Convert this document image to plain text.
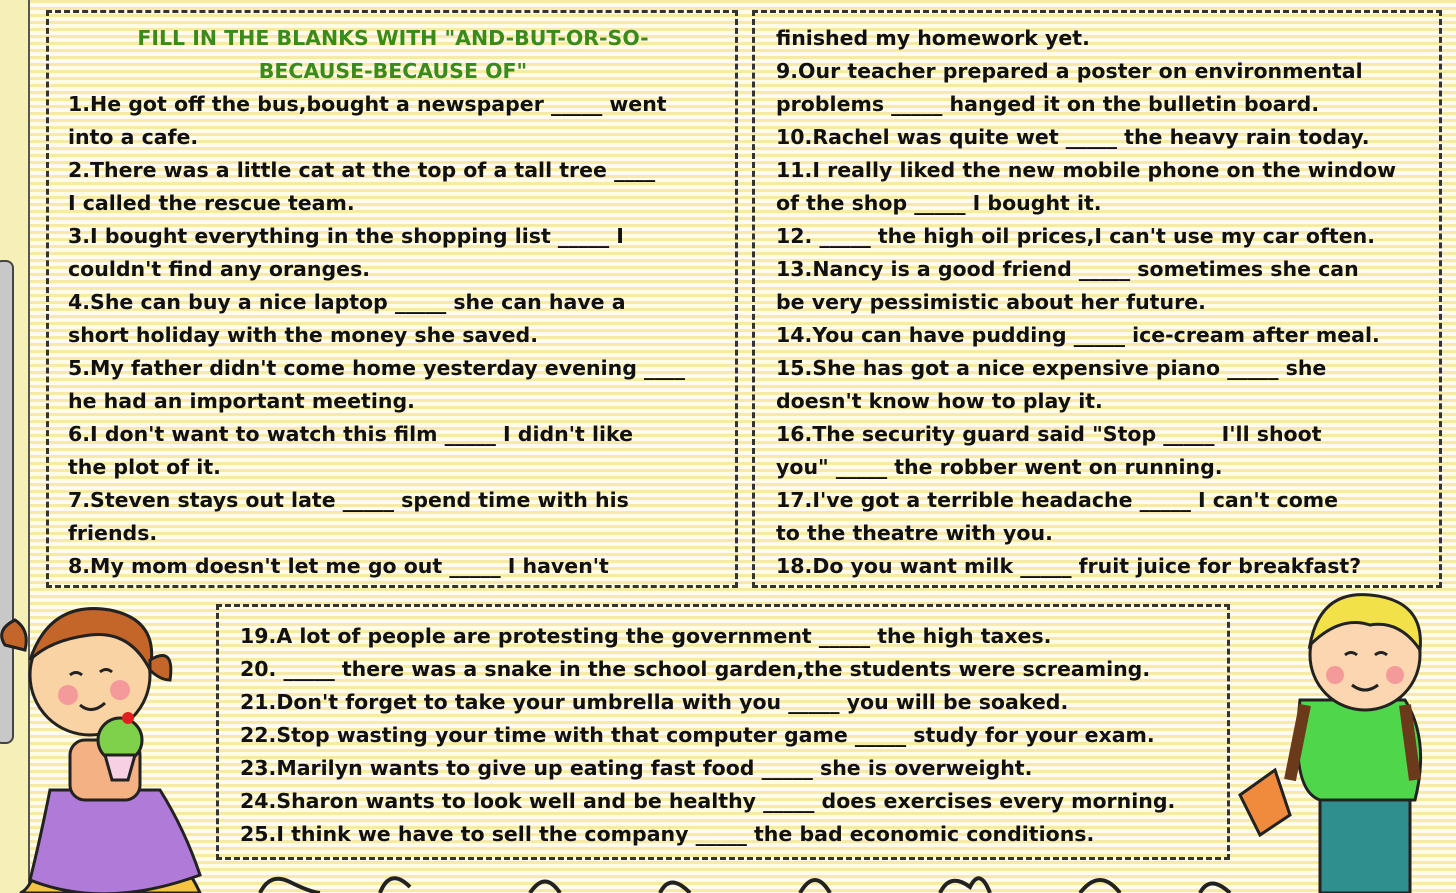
FILL IN THE BLANKS WITH "AND-BUT-OR-SO-

BECAUSE-BECAUSE OF"

1.He got off the bus,bought a newspaper _____ went

into a cafe.

2.There was a little cat at the top of a tall tree ____

I called the rescue team.

3.I bought everything in the shopping list _____ I

couldn't find any oranges.

4.She can buy a nice laptop _____ she can have a

short holiday with the money she saved.

5.My father didn't come home yesterday evening ____

he had an important meeting.

6.I don't want to watch this film _____ I didn't like

the plot of it.

7.Steven stays out late _____ spend time with his

friends.

8.My mom doesn't let me go out _____ I haven't

finished my homework yet.

9.Our teacher prepared a poster on environmental

problems _____ hanged it on the bulletin board.

10.Rachel was quite wet _____ the heavy rain today.

11.I really liked the new mobile phone on the window

of the shop _____ I bought it.

12. _____ the high oil prices,I can't use my car often.

13.Nancy is a good friend _____ sometimes she can

be very pessimistic about her future.

14.You can have pudding _____ ice-cream after meal.

15.She has got a nice expensive piano _____ she

doesn't know how to play it.

16.The security guard said "Stop _____ I'll shoot

you" _____ the robber went on running.

17.I've got a terrible headache _____ I can't come

to the theatre with you.

18.Do you want milk _____ fruit juice for breakfast?

19.A lot of people are protesting the government _____ the high taxes.

20. _____ there was a snake in the school garden,the students were screaming.

21.Don't forget to take your umbrella with you _____ you will be soaked.

22.Stop wasting your time with that computer game _____ study for your exam.

23.Marilyn wants to give up eating fast food _____ she is overweight.

24.Sharon wants to look well and be healthy _____ does exercises every morning.

25.I think we have to sell the company _____ the bad economic conditions.
